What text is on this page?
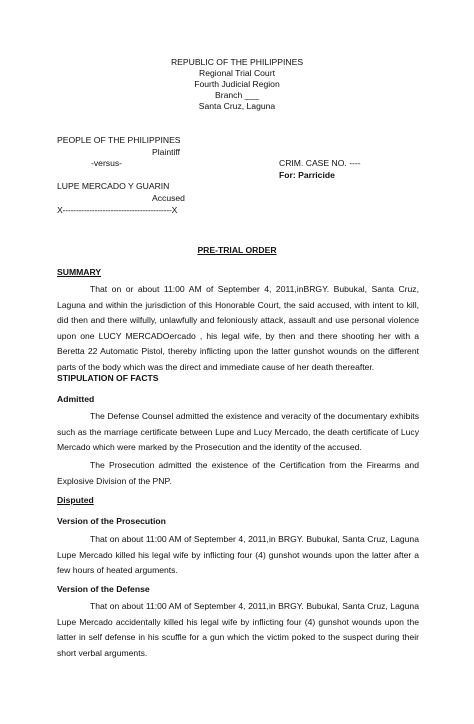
REPUBLIC OF THE PHILIPPINES
Regional Trial Court
Fourth Judicial Region
Branch ___
Santa Cruz, Laguna
PEOPLE OF THE PHILIPPINES
Plaintiff
-versus-	CRIM. CASE NO. ----
For: Parricide
LUPE MERCADO Y GUARIN
Accused
X-----------------------------------------X
PRE-TRIAL ORDER
SUMMARY
That on or about 11:00 AM of September 4, 2011,inBRGY. Bubukal, Santa Cruz, Laguna and within the jurisdiction of this Honorable Court, the said accused, with intent to kill, did then and there wilfully, unlawfully and feloniously attack, assault and use personal violence upon one LUCY MERCADOercado , his legal wife, by then and there shooting her with a Beretta 22 Automatic Pistol, thereby inflicting upon the latter gunshot wounds on the different parts of the body which was the direct and immediate cause of her death thereafter.
STIPULATION OF FACTS
Admitted
The Defense Counsel admitted the existence and veracity of the documentary exhibits such as the marriage certificate between Lupe and Lucy Mercado, the death certificate of Lucy Mercado which were marked by the Prosecution and the identity of the accused.
The Prosecution admitted the existence of the Certification from the Firearms and Explosive Division of the PNP.
Disputed
Version of the Prosecution
That on about 11:00 AM of September 4, 2011,in BRGY. Bubukal, Santa Cruz, Laguna Lupe Mercado killed his legal wife by inflicting four (4) gunshot wounds upon the latter after a few hours of heated arguments.
Version of the Defense
That on about 11:00 AM of September 4, 2011,in BRGY. Bubukal, Santa Cruz, Laguna Lupe Mercado accidentally killed his legal wife by inflicting four (4) gunshot wounds upon the latter in self defense in his scuffle for a gun which the victim poked to the suspect during their short verbal arguments.
